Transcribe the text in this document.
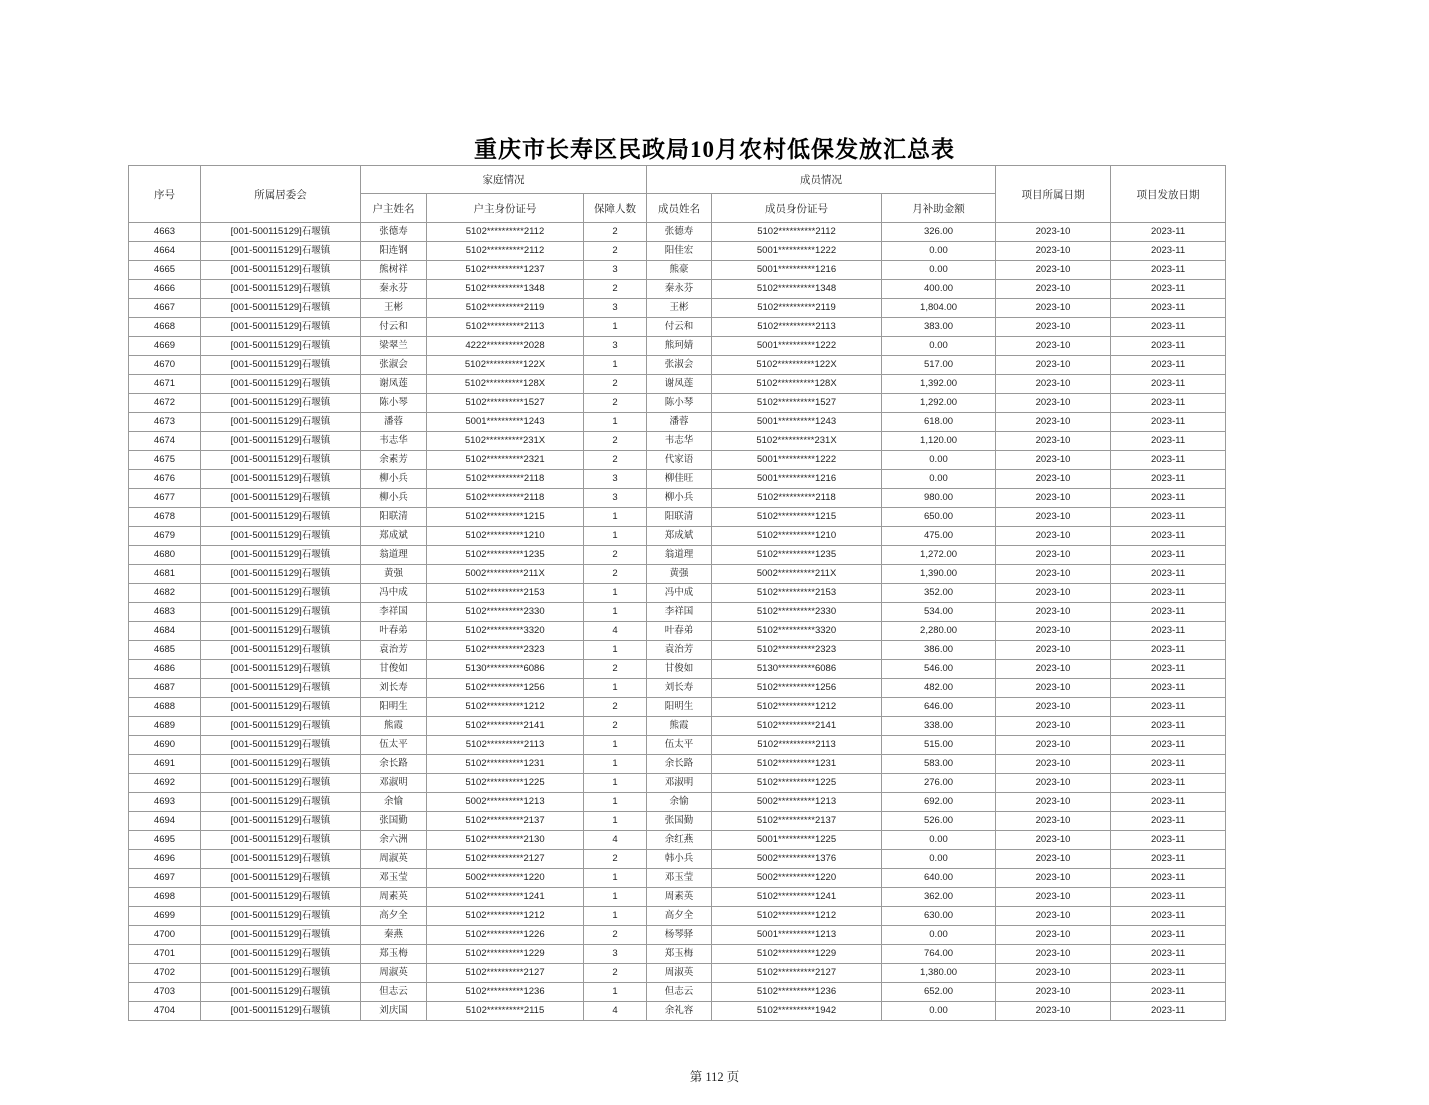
重庆市长寿区民政局10月农村低保发放汇总表
序号	所属居委会	家庭情况			成员情况			项目所属日期	项目发放日期
		户主姓名	户主身份证号	保障人数	成员姓名	成员身份证号	月补助金额		
4663	[001-500115129]石堰镇	张德寿	5102**********2112	2	张德寿	5102**********2112	326.00	2023-10	2023-11
4664	[001-500115129]石堰镇	阳连钢	5102**********2112	2	阳佳宏	5001**********1222	0.00	2023-10	2023-11
4665	[001-500115129]石堰镇	熊树祥	5102**********1237	3	熊豪	5001**********1216	0.00	2023-10	2023-11
4666	[001-500115129]石堰镇	秦永芬	5102**********1348	2	秦永芬	5102**********1348	400.00	2023-10	2023-11
4667	[001-500115129]石堰镇	王彬	5102**********2119	3	王彬	5102**********2119	1,804.00	2023-10	2023-11
4668	[001-500115129]石堰镇	付云和	5102**********2113	1	付云和	5102**********2113	383.00	2023-10	2023-11
4669	[001-500115129]石堰镇	梁翠兰	4222**********2028	3	熊珂婧	5001**********1222	0.00	2023-10	2023-11
4670	[001-500115129]石堰镇	张淑会	5102**********122X	1	张淑会	5102**********122X	517.00	2023-10	2023-11
4671	[001-500115129]石堰镇	谢凤莲	5102**********128X	2	谢凤莲	5102**********128X	1,392.00	2023-10	2023-11
4672	[001-500115129]石堰镇	陈小琴	5102**********1527	2	陈小琴	5102**********1527	1,292.00	2023-10	2023-11
4673	[001-500115129]石堰镇	潘蓉	5001**********1243	1	潘蓉	5001**********1243	618.00	2023-10	2023-11
4674	[001-500115129]石堰镇	韦志华	5102**********231X	2	韦志华	5102**********231X	1,120.00	2023-10	2023-11
4675	[001-500115129]石堰镇	余素芳	5102**********2321	2	代家语	5001**********1222	0.00	2023-10	2023-11
4676	[001-500115129]石堰镇	柳小兵	5102**********2118	3	柳佳旺	5001**********1216	0.00	2023-10	2023-11
4677	[001-500115129]石堰镇	柳小兵	5102**********2118	3	柳小兵	5102**********2118	980.00	2023-10	2023-11
4678	[001-500115129]石堰镇	阳联清	5102**********1215	1	阳联清	5102**********1215	650.00	2023-10	2023-11
4679	[001-500115129]石堰镇	郑成斌	5102**********1210	1	郑成斌	5102**********1210	475.00	2023-10	2023-11
4680	[001-500115129]石堰镇	翁道理	5102**********1235	2	翁道理	5102**********1235	1,272.00	2023-10	2023-11
4681	[001-500115129]石堰镇	黄强	5002**********211X	2	黄强	5002**********211X	1,390.00	2023-10	2023-11
4682	[001-500115129]石堰镇	冯中成	5102**********2153	1	冯中成	5102**********2153	352.00	2023-10	2023-11
4683	[001-500115129]石堰镇	李祥国	5102**********2330	1	李祥国	5102**********2330	534.00	2023-10	2023-11
4684	[001-500115129]石堰镇	叶春弟	5102**********3320	4	叶春弟	5102**********3320	2,280.00	2023-10	2023-11
4685	[001-500115129]石堰镇	袁治芳	5102**********2323	1	袁治芳	5102**********2323	386.00	2023-10	2023-11
4686	[001-500115129]石堰镇	甘俊如	5130**********6086	2	甘俊如	5130**********6086	546.00	2023-10	2023-11
4687	[001-500115129]石堰镇	刘长寿	5102**********1256	1	刘长寿	5102**********1256	482.00	2023-10	2023-11
4688	[001-500115129]石堰镇	阳明生	5102**********1212	2	阳明生	5102**********1212	646.00	2023-10	2023-11
4689	[001-500115129]石堰镇	熊霞	5102**********2141	2	熊霞	5102**********2141	338.00	2023-10	2023-11
4690	[001-500115129]石堰镇	伍太平	5102**********2113	1	伍太平	5102**********2113	515.00	2023-10	2023-11
4691	[001-500115129]石堰镇	余长路	5102**********1231	1	余长路	5102**********1231	583.00	2023-10	2023-11
4692	[001-500115129]石堰镇	邓淑明	5102**********1225	1	邓淑明	5102**********1225	276.00	2023-10	2023-11
4693	[001-500115129]石堰镇	余愉	5002**********1213	1	余愉	5002**********1213	692.00	2023-10	2023-11
4694	[001-500115129]石堰镇	张国勤	5102**********2137	1	张国勤	5102**********2137	526.00	2023-10	2023-11
4695	[001-500115129]石堰镇	余六洲	5102**********2130	4	余红燕	5001**********1225	0.00	2023-10	2023-11
4696	[001-500115129]石堰镇	周淑英	5102**********2127	2	韩小兵	5002**********1376	0.00	2023-10	2023-11
4697	[001-500115129]石堰镇	邓玉莹	5002**********1220	1	邓玉莹	5002**********1220	640.00	2023-10	2023-11
4698	[001-500115129]石堰镇	周素英	5102**********1241	1	周素英	5102**********1241	362.00	2023-10	2023-11
4699	[001-500115129]石堰镇	高夕全	5102**********1212	1	高夕全	5102**********1212	630.00	2023-10	2023-11
4700	[001-500115129]石堰镇	秦燕	5102**********1226	2	杨琴驿	5001**********1213	0.00	2023-10	2023-11
4701	[001-500115129]石堰镇	郑玉梅	5102**********1229	3	郑玉梅	5102**********1229	764.00	2023-10	2023-11
4702	[001-500115129]石堰镇	周淑英	5102**********2127	2	周淑英	5102**********2127	1,380.00	2023-10	2023-11
4703	[001-500115129]石堰镇	但志云	5102**********1236	1	但志云	5102**********1236	652.00	2023-10	2023-11
4704	[001-500115129]石堰镇	刘庆国	5102**********2115	4	余礼容	5102**********1942	0.00	2023-10	2023-11
第 112 页
